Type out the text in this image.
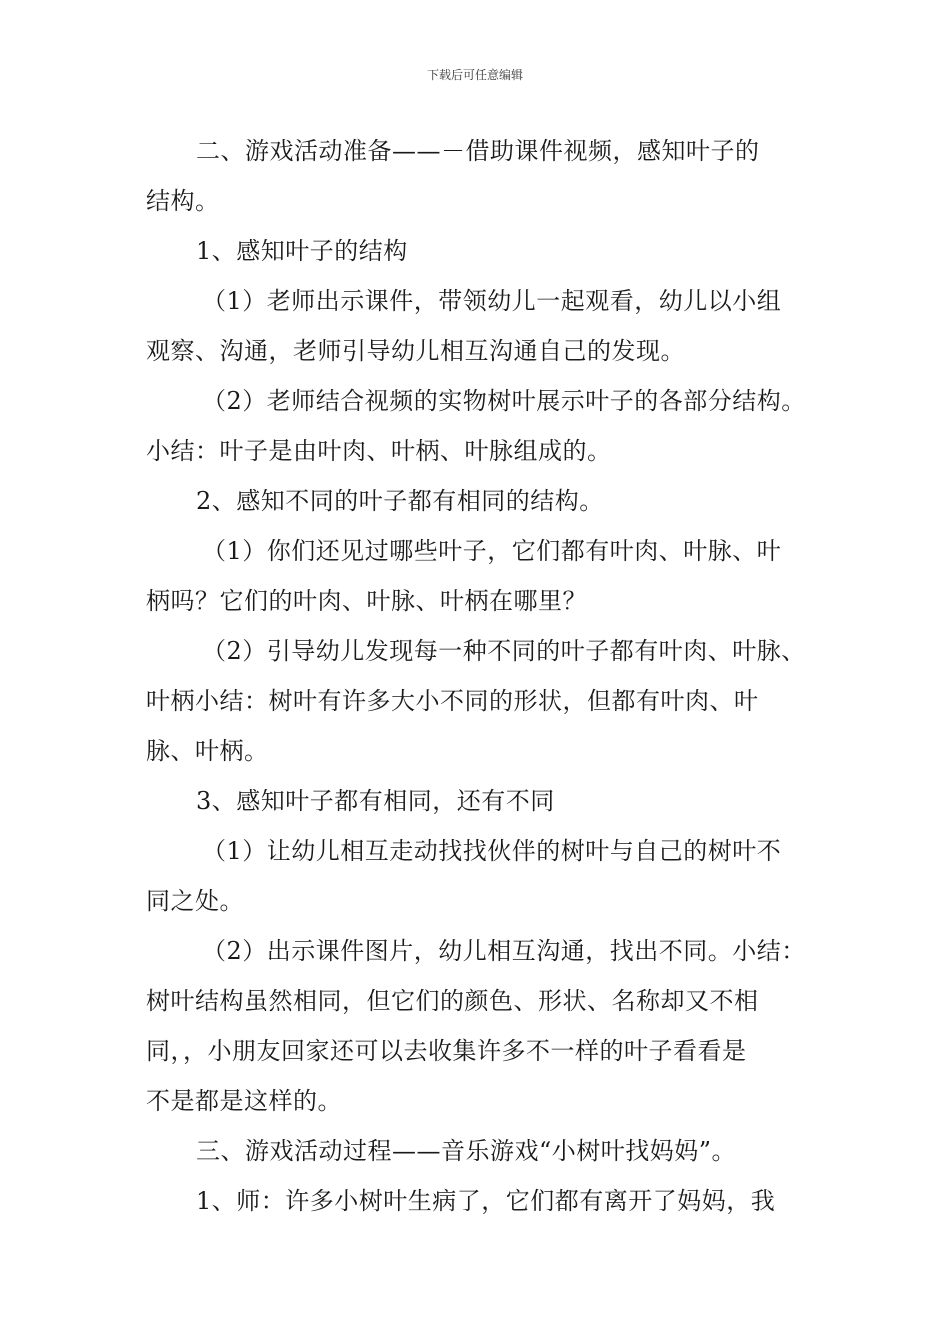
下载后可任意编辑
二、游戏活动准备——－借助课件视频，感知叶子的
结构。
1、感知叶子的结构
（1）老师出示课件，带领幼儿一起观看，幼儿以小组
观察、沟通，老师引导幼儿相互沟通自己的发现。
（2）老师结合视频的实物树叶展示叶子的各部分结构。
小结：叶子是由叶肉、叶柄、叶脉组成的。
2、感知不同的叶子都有相同的结构。
（1）你们还见过哪些叶子，它们都有叶肉、叶脉、叶
柄吗？它们的叶肉、叶脉、叶柄在哪里？
（2）引导幼儿发现每一种不同的叶子都有叶肉、叶脉、
叶柄小结：树叶有许多大小不同的形状，但都有叶肉、叶
脉、叶柄。
3、感知叶子都有相同，还有不同
（1）让幼儿相互走动找找伙伴的树叶与自己的树叶不
同之处。
（2）出示课件图片，幼儿相互沟通，找出不同。小结：
树叶结构虽然相同，但它们的颜色、形状、名称却又不相
同，，小朋友回家还可以去收集许多不一样的叶子看看是
不是都是这样的。
三、游戏活动过程——音乐游戏“小树叶找妈妈”。
1、师：许多小树叶生病了，它们都有离开了妈妈，我
